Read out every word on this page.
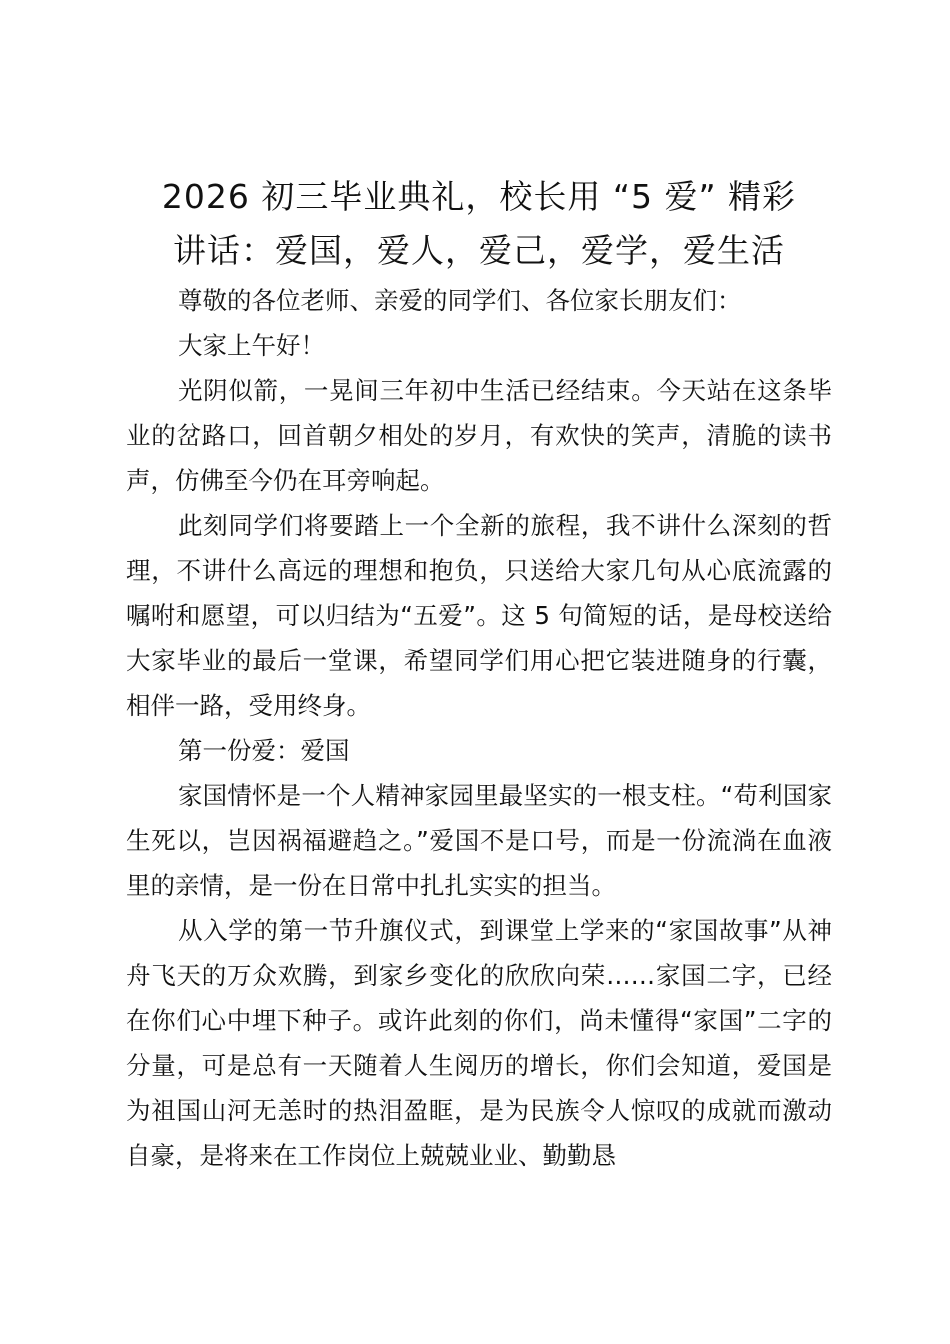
2026 初三毕业典礼，校长用 “5 爱” 精彩
讲话：爱国，爱人，爱己，爱学，爱生活

尊敬的各位老师、亲爱的同学们、各位家长朋友们：

大家上午好！

光阴似箭，一晃间三年初中生活已经结束。今天站在这条毕业的岔路口，回首朝夕相处的岁月，有欢快的笑声，清脆的读书声，仿佛至今仍在耳旁响起。

此刻同学们将要踏上一个全新的旅程，我不讲什么深刻的哲理，不讲什么高远的理想和抱负，只送给大家几句从心底流露的嘱咐和愿望，可以归结为“五爱”。这 5 句简短的话，是母校送给大家毕业的最后一堂课，希望同学们用心把它装进随身的行囊，相伴一路，受用终身。

第一份爱：爱国

家国情怀是一个人精神家园里最坚实的一根支柱。“苟利国家生死以，岂因祸福避趋之。”爱国不是口号，而是一份流淌在血液里的亲情，是一份在日常中扎扎实实的担当。

从入学的第一节升旗仪式，到课堂上学来的“家国故事”从神舟飞天的万众欢腾，到家乡变化的欣欣向荣……家国二字，已经在你们心中埋下种子。或许此刻的你们，尚未懂得“家国”二字的分量，可是总有一天随着人生阅历的增长，你们会知道，爱国是为祖国山河无恙时的热泪盈眶，是为民族令人惊叹的成就而激动自豪，是将来在工作岗位上兢兢业业、勤勤恳
